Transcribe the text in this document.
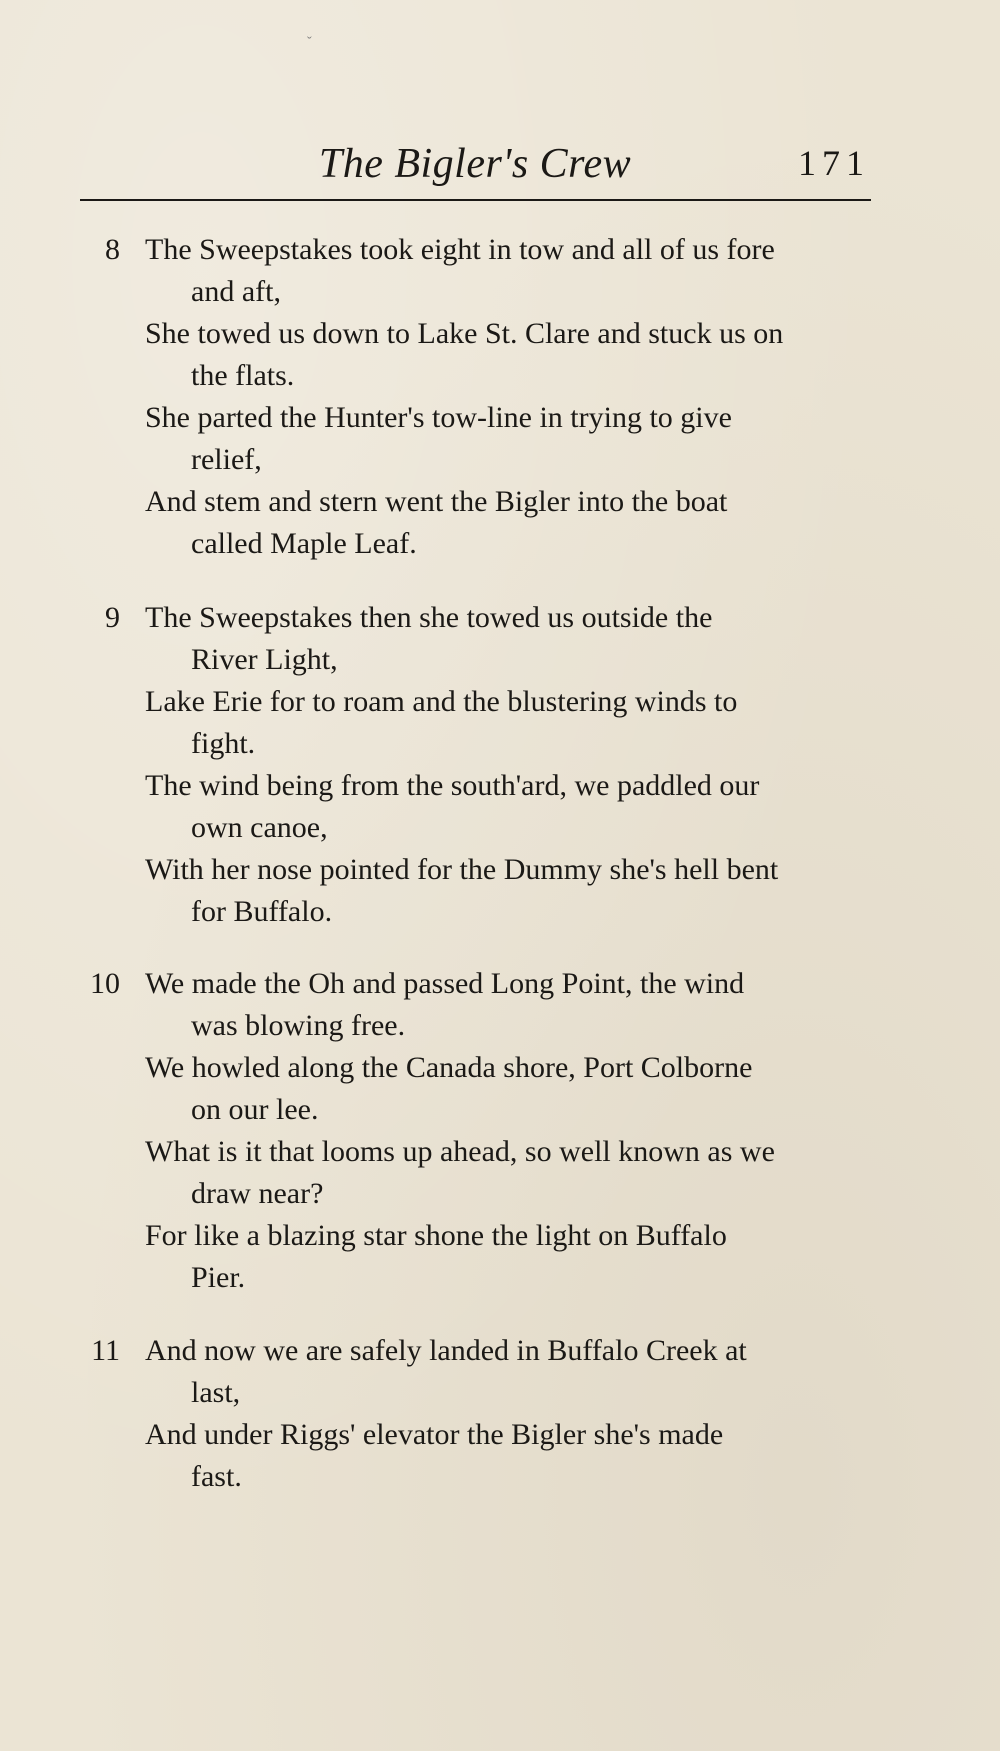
ˇ
The Bigler's Crew	171
8 The Sweepstakes took eight in tow and all of us fore
and aft,
She towed us down to Lake St. Clare and stuck us on
the flats.
She parted the Hunter's tow-line in trying to give
relief,
And stem and stern went the Bigler into the boat
called Maple Leaf.
9 The Sweepstakes then she towed us outside the
River Light,
Lake Erie for to roam and the blustering winds to
fight.
The wind being from the south'ard, we paddled our
own canoe,
With her nose pointed for the Dummy she's hell bent
for Buffalo.
10 We made the Oh and passed Long Point, the wind
was blowing free.
We howled along the Canada shore, Port Colborne
on our lee.
What is it that looms up ahead, so well known as we
draw near?
For like a blazing star shone the light on Buffalo
Pier.
11 And now we are safely landed in Buffalo Creek at
last,
And under Riggs' elevator the Bigler she's made
fast.
